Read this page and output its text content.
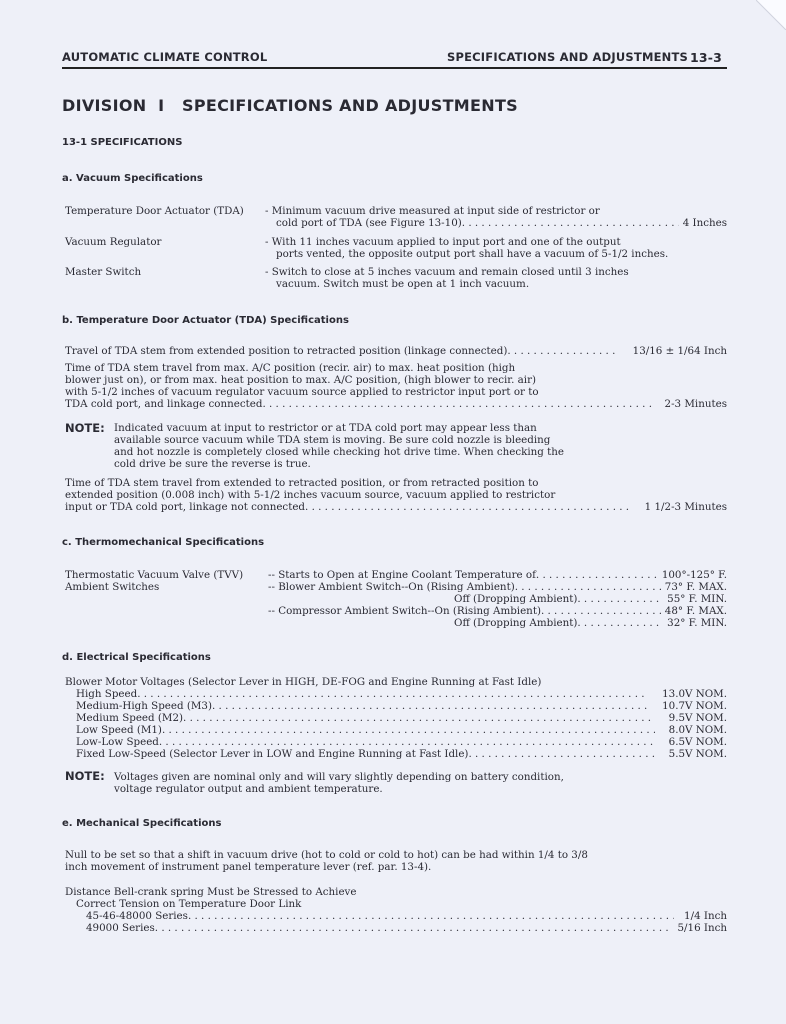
AUTOMATIC CLIMATE CONTROL	SPECIFICATIONS AND ADJUSTMENTS 13-3
DIVISION  I   SPECIFICATIONS AND ADJUSTMENTS
13-1 SPECIFICATIONS
a. Vacuum Specifications
Temperature Door Actuator (TDA) - Minimum vacuum drive measured at input side of restrictor or
cold port of TDA (see Figure 13-10) . . .	4 Inches
Vacuum Regulator	- With 11 inches vacuum applied to input port and one of the output
ports vented, the opposite output port shall have a vacuum of 5-1/2 inches.
Master Switch	- Switch to close at 5 inches vacuum and remain closed until 3 inches
vacuum. Switch must be open at 1 inch vacuum.
b. Temperature Door Actuator (TDA) Specifications
Travel of TDA stem from extended position to retracted position (linkage connected) . . .	13/16 ± 1/64 Inch
Time of TDA stem travel from max. A/C position (recir. air) to max. heat position (high
blower just on), or from max. heat position to max. A/C position, (high blower to recir. air)
with 5-1/2 inches of vacuum regulator vacuum source applied to restrictor input port or to
TDA cold port, and linkage connected . . .	2-3 Minutes
NOTE: Indicated vacuum at input to restrictor or at TDA cold port may appear less than
available source vacuum while TDA stem is moving. Be sure cold nozzle is bleeding
and hot nozzle is completely closed while checking hot drive time. When checking the
cold drive be sure the reverse is true.
Time of TDA stem travel from extended to retracted position, or from retracted position to
extended position (0.008 inch) with 5-1/2 inches vacuum source, vacuum applied to restrictor
input or TDA cold port, linkage not connected . . .	1 1/2-3 Minutes
c. Thermomechanical Specifications
Thermostatic Vacuum Valve (TVV)
Ambient Switches
-- Starts to Open at Engine Coolant Temperature of . . .	100°-125° F.
-- Blower Ambient Switch--On (Rising Ambient) . . .	73° F. MAX.
Off (Dropping Ambient) . . .	55° F. MIN.
-- Compressor Ambient Switch--On (Rising Ambient) . . .	48° F. MAX.
Off (Dropping Ambient) . . .	32° F. MIN.
d. Electrical Specifications
Blower Motor Voltages (Selector Lever in HIGH, DE-FOG and Engine Running at Fast Idle)
High Speed . . .	13.0V NOM.
Medium-High Speed (M3) . . .	10.7V NOM.
Medium Speed (M2) . . .	9.5V NOM.
Low Speed (M1) . . .	8.0V NOM.
Low-Low Speed . . .	6.5V NOM.
Fixed Low-Speed (Selector Lever in LOW and Engine Running at Fast Idle) . . .	5.5V NOM.
NOTE: Voltages given are nominal only and will vary slightly depending on battery condition,
voltage regulator output and ambient temperature.
e. Mechanical Specifications
Null to be set so that a shift in vacuum drive (hot to cold or cold to hot) can be had within 1/4 to 3/8
inch movement of instrument panel temperature lever (ref. par. 13-4).
Distance Bell-crank spring Must be Stressed to Achieve
Correct Tension on Temperature Door Link
45-46-48000 Series . . .	1/4 Inch
49000 Series . . .	5/16 Inch
